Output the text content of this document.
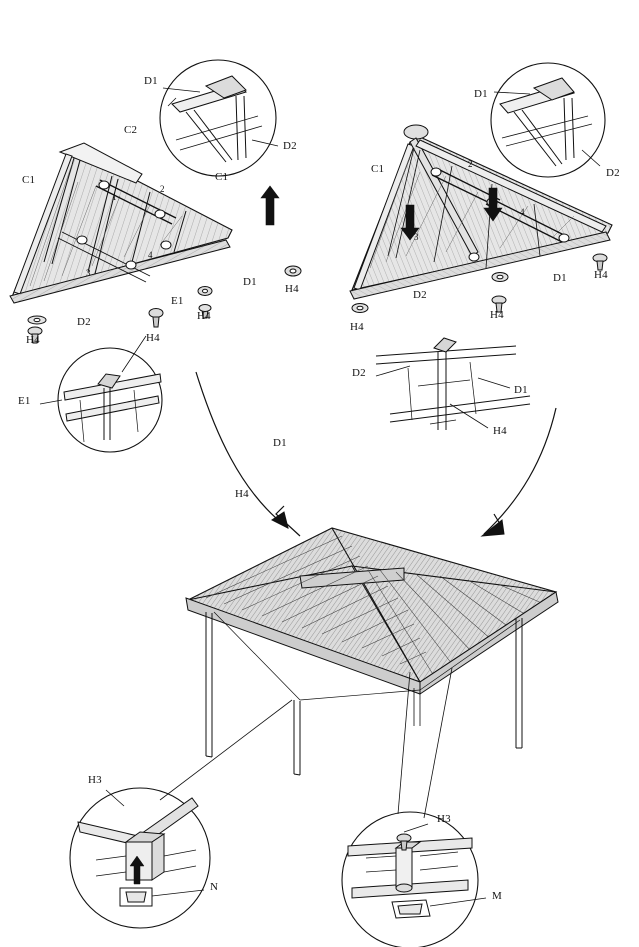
1
2
3
4
2
3
4
D1
D2
C2
C1	C1
D1
E1
D2
H4
H4
H4
H4
E1
D1
D2
C1
D1 H4
D2
H4
H4
D2
D1
H4
D1
H4
H3
N
H3
M
